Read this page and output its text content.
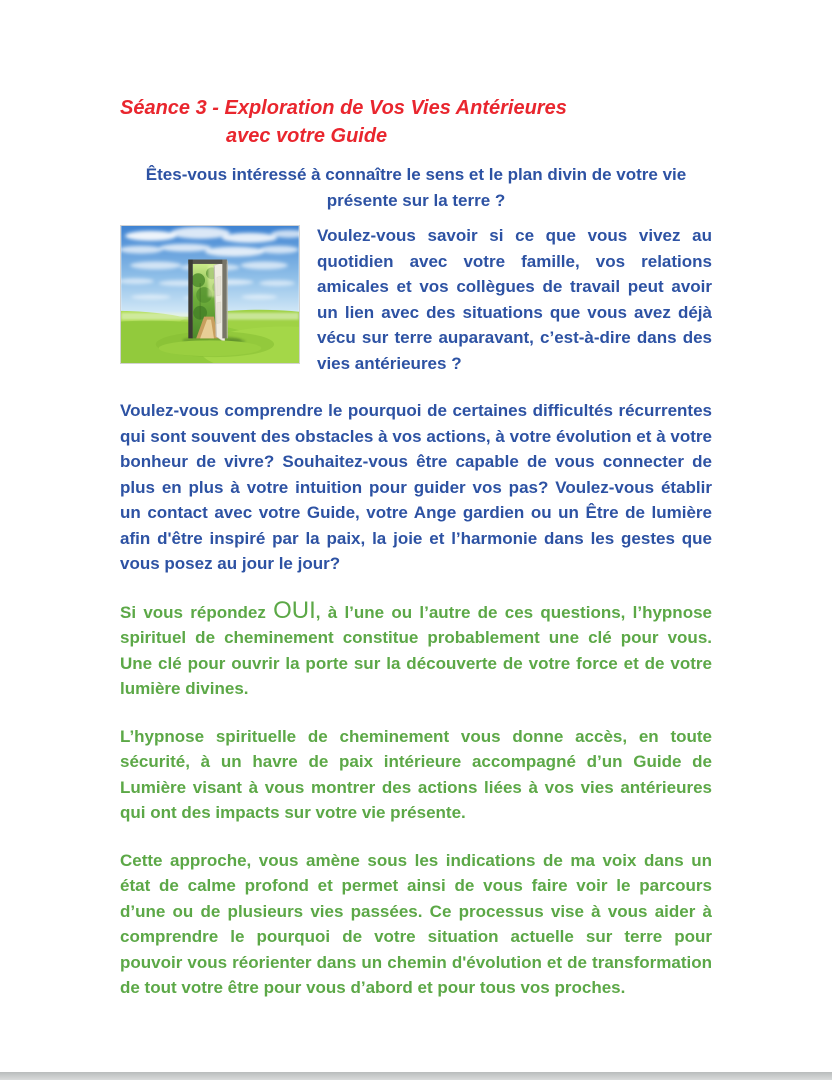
Séance 3 - Exploration de Vos Vies Antérieures
avec votre Guide

Êtes-vous intéressé à connaître le sens et le plan divin de votre vie présente sur la terre ?

Voulez-vous savoir si ce que vous vivez au quotidien avec votre famille, vos relations amicales et vos collègues de travail peut avoir un lien avec des situations que vous avez déjà vécu sur terre auparavant, c’est-à-dire dans des vies antérieures ?

Voulez-vous comprendre le pourquoi de certaines difficultés récurrentes qui sont souvent des obstacles à vos actions, à votre évolution et à votre bonheur de vivre? Souhaitez-vous être capable de vous connecter de plus en plus à votre intuition pour guider vos pas? Voulez-vous établir un contact avec votre Guide, votre Ange gardien ou un Être de lumière afin d'être inspiré par la paix, la joie et l’harmonie dans les gestes que vous posez au jour le jour?

Si vous répondez OUI, à l’une ou l’autre de ces questions, l’hypnose spirituel de cheminement constitue probablement une clé pour vous. Une clé pour ouvrir la porte sur la découverte de votre force et de votre lumière divines.

L’hypnose spirituelle de cheminement vous donne accès, en toute sécurité, à un havre de paix intérieure accompagné d’un Guide de Lumière visant à vous montrer des actions liées à vos vies antérieures qui ont des impacts sur votre vie présente.

Cette approche, vous amène sous les indications de ma voix dans un état de calme profond et permet ainsi de vous faire voir le parcours d’une ou de plusieurs vies passées. Ce processus vise à vous aider à comprendre le pourquoi de votre situation actuelle sur terre pour pouvoir vous réorienter dans un chemin d'évolution et de transformation de tout votre être pour vous d’abord et pour tous vos proches.
